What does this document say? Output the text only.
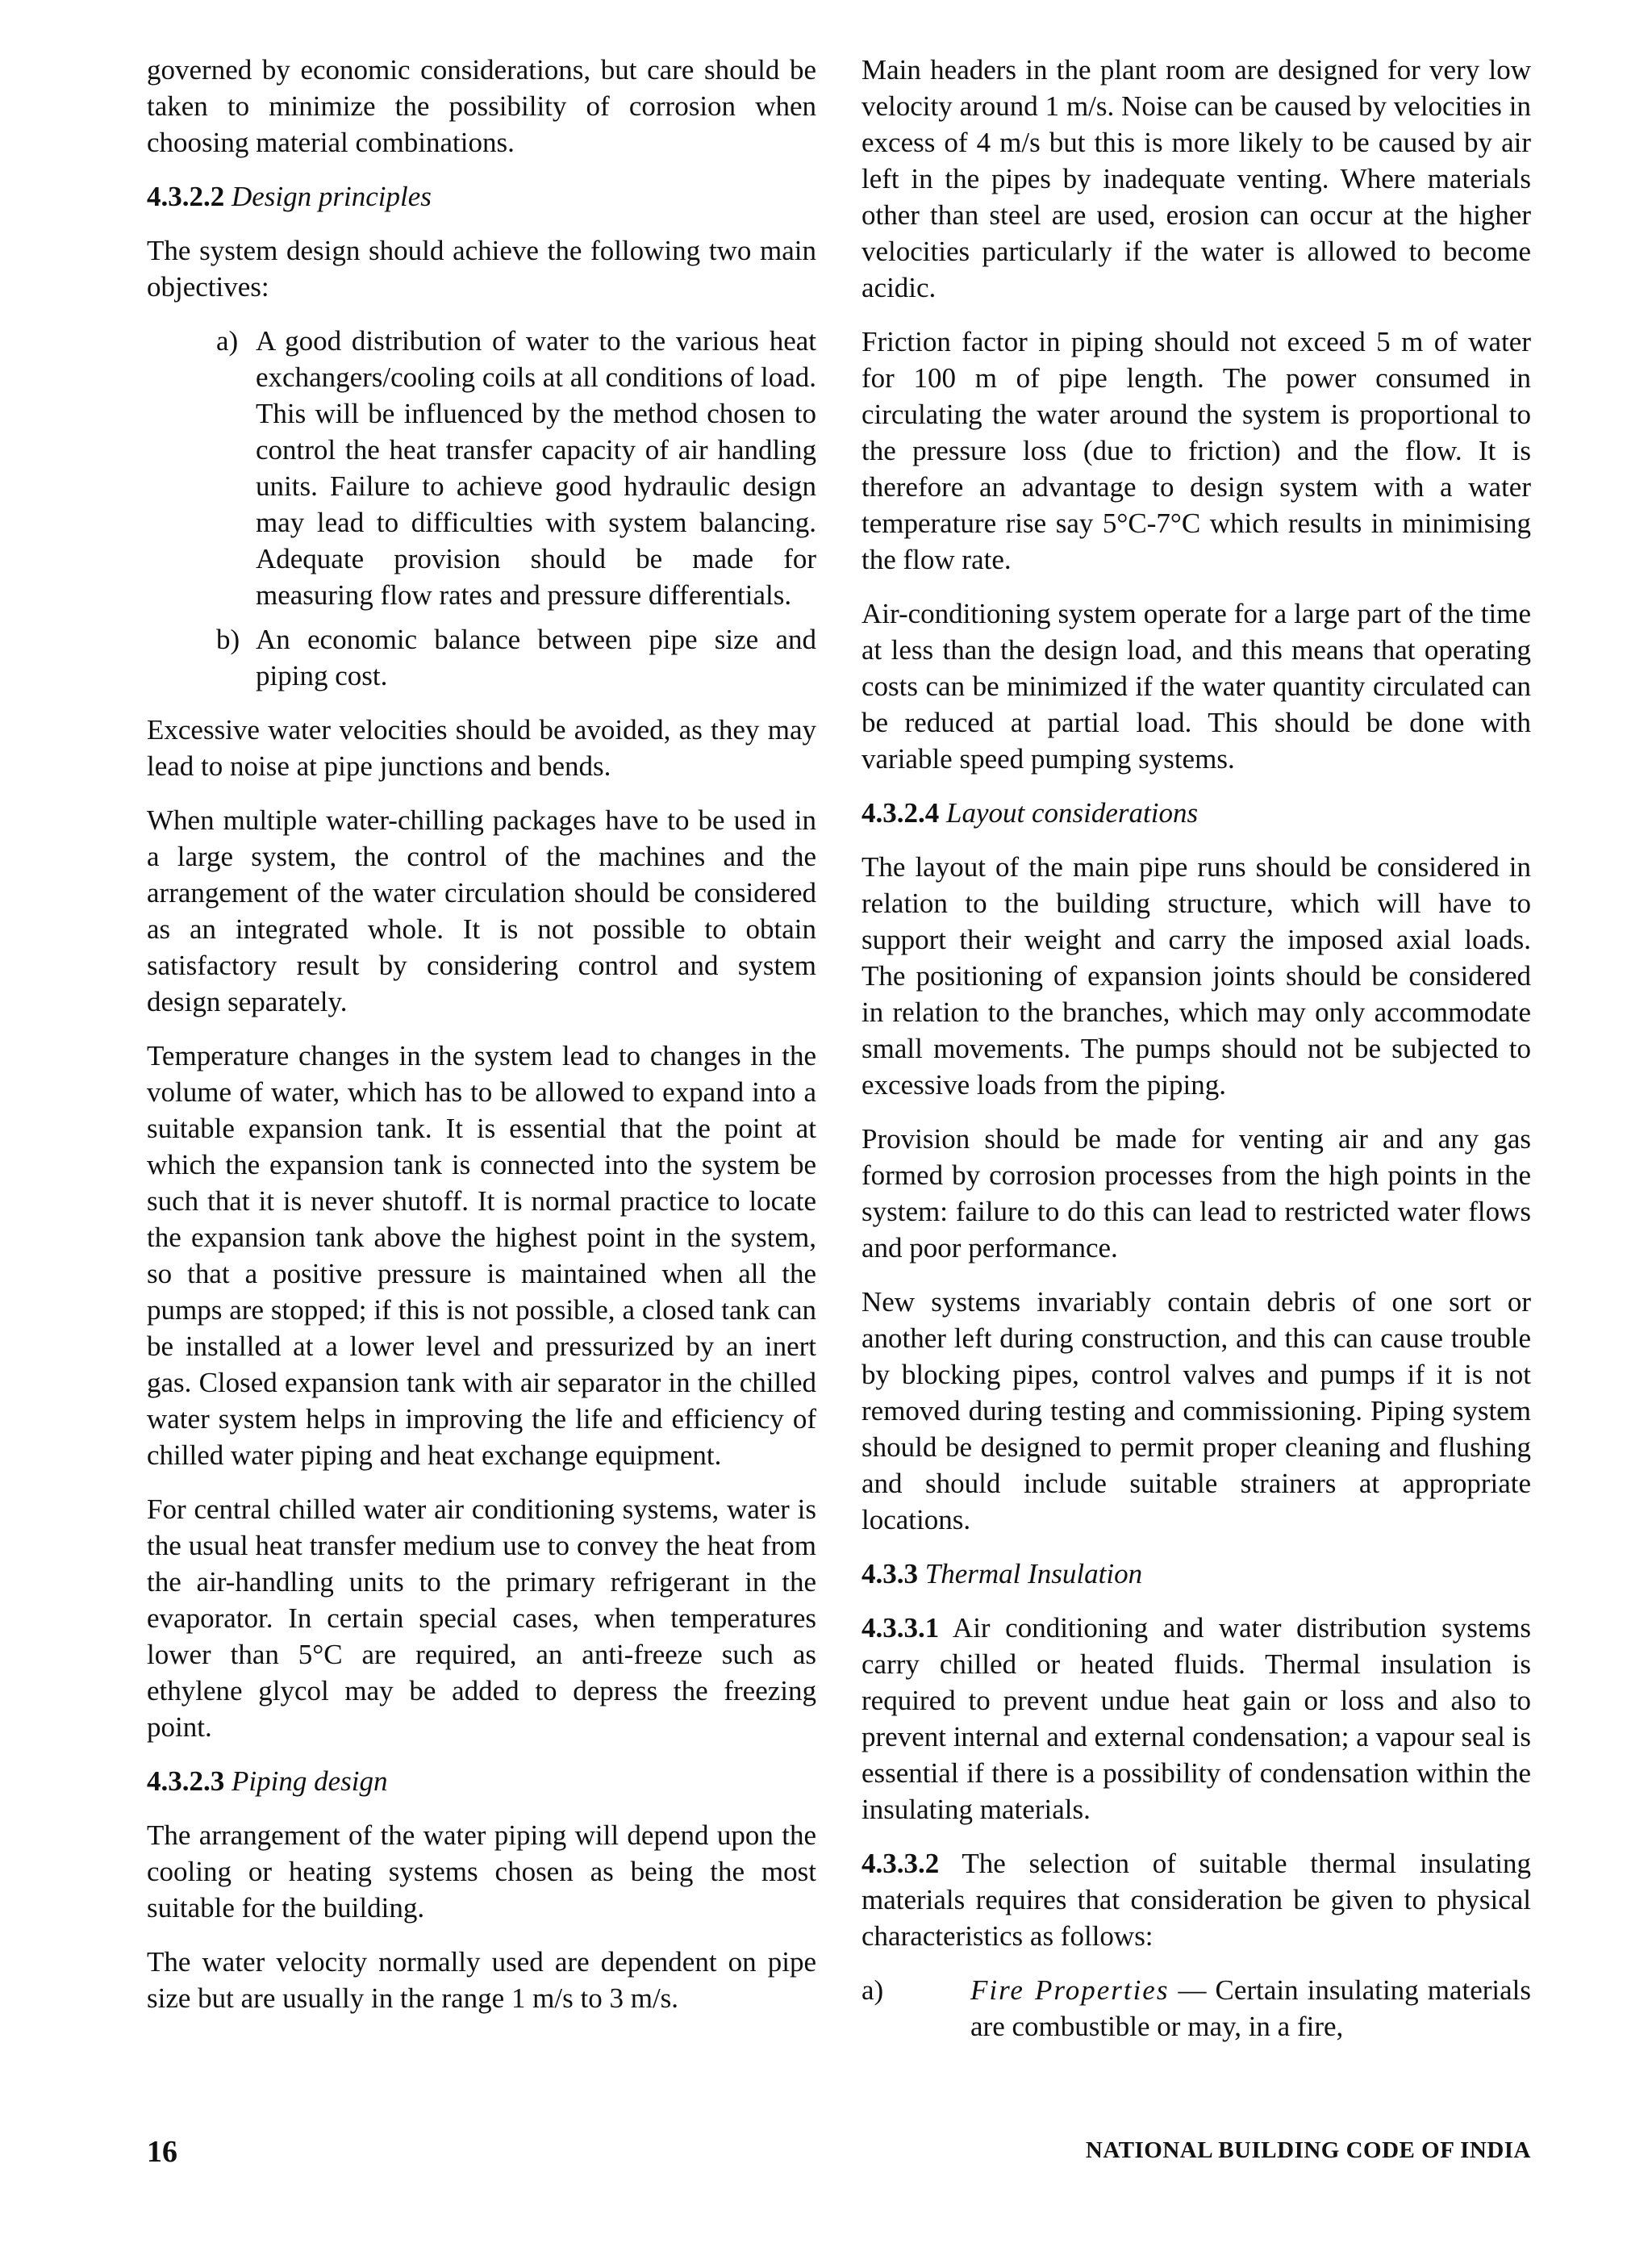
governed by economic considerations, but care should be taken to minimize the possibility of corrosion when choosing material combinations.

4.3.2.2 Design principles

The system design should achieve the following two main objectives:

a) A good distribution of water to the various heat exchangers/cooling coils at all conditions of load. This will be influenced by the method chosen to control the heat transfer capacity of air handling units. Failure to achieve good hydraulic design may lead to difficulties with system balancing. Adequate provision should be made for measuring flow rates and pressure differentials.
b) An economic balance between pipe size and piping cost.

Excessive water velocities should be avoided, as they may lead to noise at pipe junctions and bends.

When multiple water-chilling packages have to be used in a large system, the control of the machines and the arrangement of the water circulation should be considered as an integrated whole. It is not possible to obtain satisfactory result by considering control and system design separately.

Temperature changes in the system lead to changes in the volume of water, which has to be allowed to expand into a suitable expansion tank. It is essential that the point at which the expansion tank is connected into the system be such that it is never shutoff. It is normal practice to locate the expansion tank above the highest point in the system, so that a positive pressure is maintained when all the pumps are stopped; if this is not possible, a closed tank can be installed at a lower level and pressurized by an inert gas. Closed expansion tank with air separator in the chilled water system helps in improving the life and efficiency of chilled water piping and heat exchange equipment.

For central chilled water air conditioning systems, water is the usual heat transfer medium use to convey the heat from the air-handling units to the primary refrigerant in the evaporator. In certain special cases, when temperatures lower than 5°C are required, an anti-freeze such as ethylene glycol may be added to depress the freezing point.

4.3.2.3 Piping design

The arrangement of the water piping will depend upon the cooling or heating systems chosen as being the most suitable for the building.

The water velocity normally used are dependent on pipe size but are usually in the range 1 m/s to 3 m/s.

Main headers in the plant room are designed for very low velocity around 1 m/s. Noise can be caused by velocities in excess of 4 m/s but this is more likely to be caused by air left in the pipes by inadequate venting. Where materials other than steel are used, erosion can occur at the higher velocities particularly if the water is allowed to become acidic.

Friction factor in piping should not exceed 5 m of water for 100 m of pipe length. The power consumed in circulating the water around the system is proportional to the pressure loss (due to friction) and the flow. It is therefore an advantage to design system with a water temperature rise say 5°C-7°C which results in minimising the flow rate.

Air-conditioning system operate for a large part of the time at less than the design load, and this means that operating costs can be minimized if the water quantity circulated can be reduced at partial load. This should be done with variable speed pumping systems.

4.3.2.4 Layout considerations

The layout of the main pipe runs should be considered in relation to the building structure, which will have to support their weight and carry the imposed axial loads. The positioning of expansion joints should be considered in relation to the branches, which may only accommodate small movements. The pumps should not be subjected to excessive loads from the piping.

Provision should be made for venting air and any gas formed by corrosion processes from the high points in the system: failure to do this can lead to restricted water flows and poor performance.

New systems invariably contain debris of one sort or another left during construction, and this can cause trouble by blocking pipes, control valves and pumps if it is not removed during testing and commissioning. Piping system should be designed to permit proper cleaning and flushing and should include suitable strainers at appropriate locations.

4.3.3 Thermal Insulation

4.3.3.1 Air conditioning and water distribution systems carry chilled or heated fluids. Thermal insulation is required to prevent undue heat gain or loss and also to prevent internal and external condensation; a vapour seal is essential if there is a possibility of condensation within the insulating materials.

4.3.3.2 The selection of suitable thermal insulating materials requires that consideration be given to physical characteristics as follows:

a)	Fire Properties — Certain insulating materials are combustible or may, in a fire,
16	NATIONAL BUILDING CODE OF INDIA
